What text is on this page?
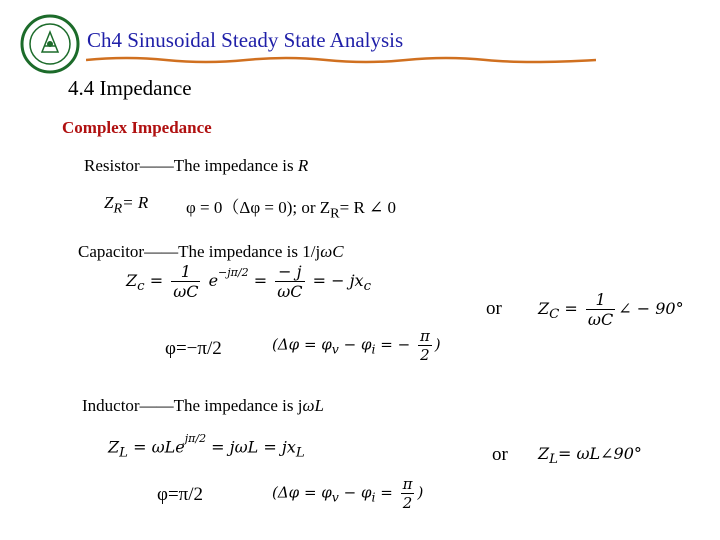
Ch4 Sinusoidal Steady State Analysis
4.4 Impedance
Complex Impedance
Resistor——The impedance is R
$Z_R= R$ φ = 0（Δφ = 0); or $Z_R= R$ ∠ 0
Capacitor——The impedance is 1/jωC
$Z_c = \frac{1}{\omega C} e^{-j\pi/2} = \frac{- j}{\omega C}$ = − $jx_c$
or $Z_C = \frac{1}{\omega C}$ ∠ − 90°
φ=−π/2	($\Delta\varphi = \varphi_v - \varphi_i$ = − $\frac{\pi}{2}$ )
Inductor——The impedance is jωL
$Z_L = \omega Le^{j\pi/2} = j\omega L = jx_L$	or $Z_L=$ ωL∠90°
φ=π/2	($\Delta\varphi = \varphi_v - \varphi_i = \frac{\pi}{2}$ )
